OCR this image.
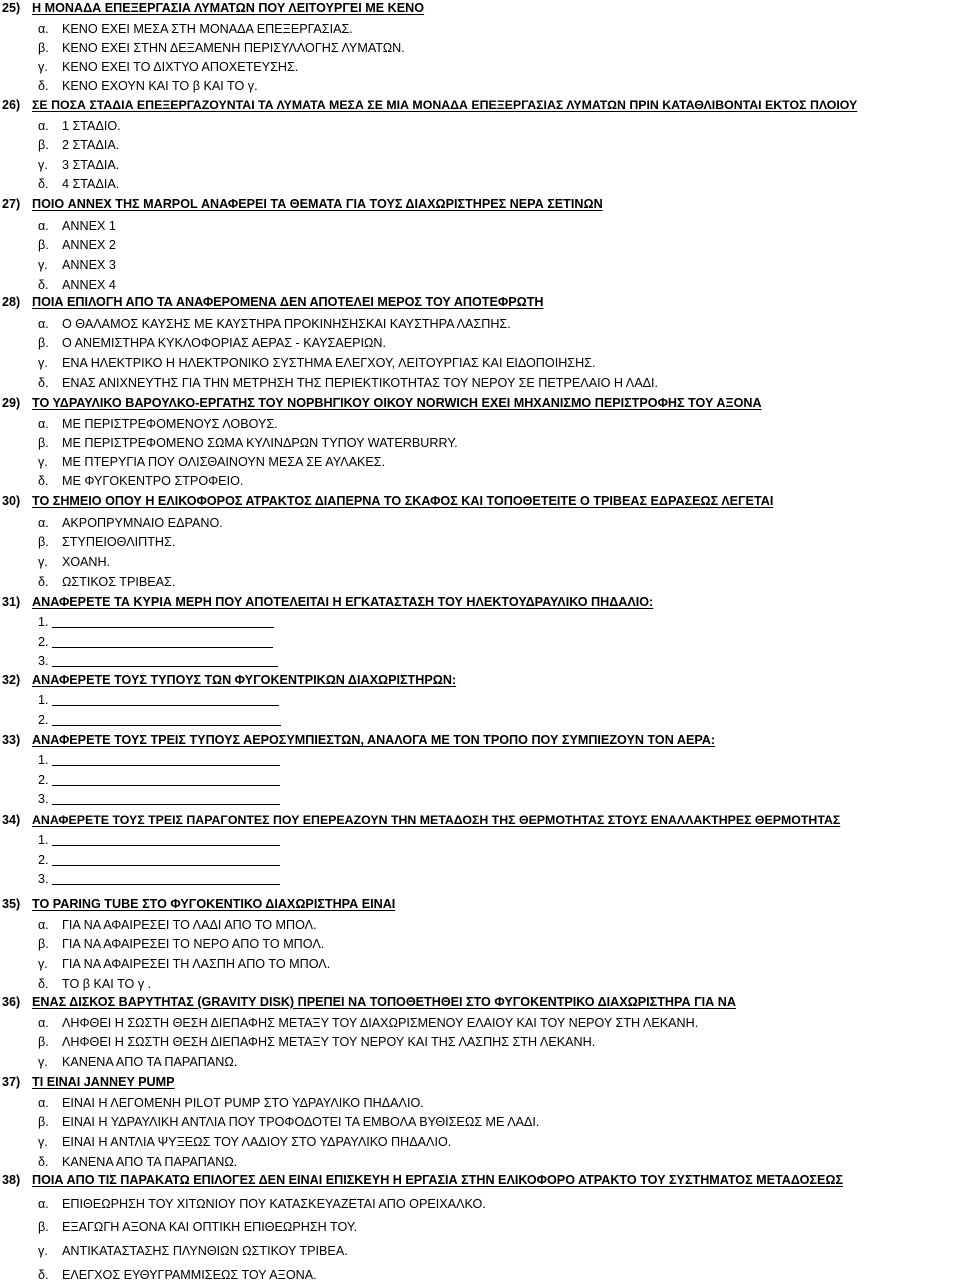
25) Η ΜΟΝΑΔΑ ΕΠΕΞΕΡΓΑΣΙΑ ΛΥΜΑΤΩΝ ΠΟΥ ΛΕΙΤΟΥΡΓΕΙ ΜΕ ΚΕΝΟ
α. ΚΕΝΟ ΕΧΕΙ ΜΕΣΑ ΣΤΗ ΜΟΝΑΔΑ ΕΠΕΞΕΡΓΑΣΙΑΣ.
β. ΚΕΝΟ ΕΧΕΙ ΣΤΗΝ ΔΕΞΑΜΕΝΗ ΠΕΡΙΣΥΛΛΟΓΗΣ ΛΥΜΑΤΩΝ.
γ. ΚΕΝΟ ΕΧΕΙ ΤΟ ΔΙΧΤΥΟ ΑΠΟΧΕΤΕΥΣΗΣ.
δ. ΚΕΝΟ ΕΧΟΥΝ ΚΑΙ ΤΟ β ΚΑΙ ΤΟ γ.
26) ΣΕ ΠΟΣΑ ΣΤΑΔΙΑ ΕΠΕΞΕΡΓΑΖΟΥΝΤΑΙ ΤΑ ΛΥΜΑΤΑ ΜΕΣΑ ΣΕ ΜΙΑ ΜΟΝΑΔΑ ΕΠΕΞΕΡΓΑΣΙΑΣ ΛΥΜΑΤΩΝ ΠΡΙΝ ΚΑΤΑΘΛΙΒΟΝΤΑΙ ΕΚΤΟΣ ΠΛΟΙΟΥ
α. 1 ΣΤΑΔΙΟ.
β. 2 ΣΤΑΔΙΑ.
γ. 3 ΣΤΑΔΙΑ.
δ. 4 ΣΤΑΔΙΑ.
27) ΠΟΙΟ ANNEX ΤΗΣ MARPOL ΑΝΑΦΕΡΕΙ ΤΑ ΘΕΜΑΤΑ ΓΙΑ ΤΟΥΣ ΔΙΑΧΩΡΙΣΤΗΡΕΣ ΝΕΡΑ ΣΕΤΙΝΩΝ
α. ANNEX 1
β. ANNEX 2
γ. ANNEX 3
δ. ANNEX 4
28) ΠΟΙΑ ΕΠΙΛΟΓΗ ΑΠΟ ΤΑ ΑΝΑΦΕΡΟΜΕΝΑ ΔΕΝ ΑΠΟΤΕΛΕΙ ΜΕΡΟΣ ΤΟΥ ΑΠΟΤΕΦΡΩΤΗ
α. Ο ΘΑΛΑΜΟΣ ΚΑΥΣΗΣ ΜΕ ΚΑΥΣΤΗΡΑ ΠΡΟΚΙΝΗΣΗΣΚΑΙ ΚΑΥΣΤΗΡΑ ΛΑΣΠΗΣ.
β. Ο ΑΝΕΜΙΣΤΗΡΑ ΚΥΚΛΟΦΟΡΙΑΣ ΑΕΡΑΣ - ΚΑΥΣΑΕΡΙΩΝ.
γ. ΕΝΑ ΗΛΕΚΤΡΙΚΟ Η ΗΛΕΚΤΡΟΝΙΚΟ ΣΥΣΤΗΜΑ ΕΛΕΓΧΟΥ, ΛΕΙΤΟΥΡΓΙΑΣ ΚΑΙ ΕΙΔΟΠΟΙΗΣΗΣ.
δ. ΕΝΑΣ ΑΝΙΧΝΕΥΤΗΣ ΓΙΑ ΤΗΝ ΜΕΤΡΗΣΗ ΤΗΣ ΠΕΡΙΕΚΤΙΚΟΤΗΤΑΣ ΤΟΥ ΝΕΡΟΥ ΣΕ ΠΕΤΡΕΛΑΙΟ Η ΛΑΔΙ.
29) ΤΟ ΥΔΡΑΥΛΙΚΟ ΒΑΡΟΥΛΚΟ-ΕΡΓΑΤΗΣ ΤΟΥ ΝΟΡΒΗΓΙΚΟΥ ΟΙΚΟΥ NORWICH ΕΧΕΙ ΜΗΧΑΝΙΣΜΟ ΠΕΡΙΣΤΡΟΦΗΣ ΤΟΥ ΑΞΟΝΑ
α. ΜΕ ΠΕΡΙΣΤΡΕΦΟΜΕΝΟΥΣ ΛΟΒΟΥΣ.
β. ΜΕ ΠΕΡΙΣΤΡΕΦΟΜΕΝΟ ΣΩΜΑ ΚΥΛΙΝΔΡΩΝ ΤΥΠΟΥ WATERBURRY.
γ. ΜΕ ΠΤΕΡΥΓΙΑ ΠΟΥ ΟΛΙΣΘΑΙΝΟΥΝ ΜΕΣΑ ΣΕ ΑΥΛΑΚΕΣ.
δ. ΜΕ ΦΥΓΟΚΕΝΤΡΟ ΣΤΡΟΦΕΙΟ.
30) ΤΟ ΣΗΜΕΙΟ ΟΠΟΥ Η ΕΛΙΚΟΦΟΡΟΣ ΑΤΡΑΚΤΟΣ ΔΙΑΠΕΡΝΑ ΤΟ ΣΚΑΦΟΣ ΚΑΙ ΤΟΠΟΘΕΤΕΙΤΕ Ο ΤΡΙΒΕΑΣ ΕΔΡΑΣΕΩΣ ΛΕΓΕΤΑΙ
α. ΑΚΡΟΠΡΥΜΝΑΙΟ ΕΔΡΑΝΟ.
β. ΣΤΥΠΕΙΟΘΛΙΠΤΗΣ.
γ. ΧΟΑΝΗ.
δ. ΩΣΤΙΚΟΣ ΤΡΙΒΕΑΣ.
31) ΑΝΑΦΕΡΕΤΕ ΤΑ ΚΥΡΙΑ ΜΕΡΗ ΠΟΥ ΑΠΟΤΕΛΕΙΤΑΙ Η ΕΓΚΑΤΑΣΤΑΣΗ ΤΟΥ ΗΛΕΚΤΟΥΔΡΑΥΛΙΚΟ ΠΗΔΑΛΙΟ:
1.
2.
3.
32) ΑΝΑΦΕΡΕΤΕ ΤΟΥΣ ΤΥΠΟΥΣ ΤΩΝ ΦΥΓΟΚΕΝΤΡΙΚΩΝ ΔΙΑΧΩΡΙΣΤΗΡΩΝ:
1.
2.
33) ΑΝΑΦΕΡΕΤΕ ΤΟΥΣ ΤΡΕΙΣ ΤΥΠΟΥΣ ΑΕΡΟΣΥΜΠΙΕΣΤΩΝ, ΑΝΑΛΟΓΑ ΜΕ ΤΟΝ ΤΡΟΠΟ ΠΟΥ ΣΥΜΠΙΕΖΟΥΝ ΤΟΝ ΑΕΡΑ:
1.
2.
3.
34) ΑΝΑΦΕΡΕΤΕ ΤΟΥΣ ΤΡΕΙΣ ΠΑΡΑΓΟΝΤΕΣ ΠΟΥ ΕΠΕΡΕΑΖΟΥΝ ΤΗΝ ΜΕΤΑΔΟΣΗ ΤΗΣ ΘΕΡΜΟΤΗΤΑΣ ΣΤΟΥΣ ΕΝΑΛΛΑΚΤΗΡΕΣ ΘΕΡΜΟΤΗΤΑΣ
1.
2.
3.
35) ΤΟ PARING TUBE ΣΤΟ ΦΥΓΟΚΕΝΤΙΚΟ ΔΙΑΧΩΡΙΣΤΗΡΑ ΕΙΝΑΙ
α. ΓΙΑ ΝΑ ΑΦΑΙΡΕΣΕΙ ΤΟ ΛΑΔΙ ΑΠΟ ΤΟ ΜΠΟΛ.
β. ΓΙΑ ΝΑ ΑΦΑΙΡΕΣΕΙ ΤΟ ΝΕΡΟ ΑΠΟ ΤΟ ΜΠΟΛ.
γ. ΓΙΑ ΝΑ ΑΦΑΙΡΕΣΕΙ ΤΗ ΛΑΣΠΗ ΑΠΟ ΤΟ ΜΠΟΛ.
δ. ΤΟ β ΚΑΙ ΤΟ γ .
36) ΕΝΑΣ ΔΙΣΚΟΣ ΒΑΡΥΤΗΤΑΣ (GRAVITY DISK) ΠΡΕΠΕΙ ΝΑ ΤΟΠΟΘΕΤΗΘΕΙ ΣΤΟ ΦΥΓΟΚΕΝΤΡΙΚΟ ΔΙΑΧΩΡΙΣΤΗΡΑ ΓΙΑ ΝΑ
α. ΛΗΦΘΕΙ Η ΣΩΣΤΗ ΘΕΣΗ ΔΙΕΠΑΦΗΣ ΜΕΤΑΞΥ ΤΟΥ ΔΙΑΧΩΡΙΣΜΕΝΟΥ ΕΛΑΙΟΥ ΚΑΙ ΤΟΥ ΝΕΡΟΥ ΣΤΗ ΛΕΚΑΝΗ.
β. ΛΗΦΘΕΙ Η ΣΩΣΤΗ ΘΕΣΗ ΔΙΕΠΑΦΗΣ ΜΕΤΑΞΥ ΤΟΥ ΝΕΡΟΥ ΚΑΙ ΤΗΣ ΛΑΣΠΗΣ ΣΤΗ ΛΕΚΑΝΗ.
γ. ΚΑΝΕΝΑ ΑΠΟ ΤΑ ΠΑΡΑΠΑΝΩ.
37) ΤΙ ΕΙΝΑΙ JANNEY PUMP
α. ΕΙΝΑΙ Η ΛΕΓΟΜΕΝΗ PILOT PUMP ΣΤΟ ΥΔΡΑΥΛΙΚΟ ΠΗΔΑΛΙΟ.
β. ΕΙΝΑΙ Η ΥΔΡΑΥΛΙΚΗ ΑΝΤΛΙΑ ΠΟΥ ΤΡΟΦΟΔΟΤΕΙ ΤΑ ΕΜΒΟΛΑ ΒΥΘΙΣΕΩΣ ΜΕ ΛΑΔΙ.
γ. ΕΙΝΑΙ Η ΑΝΤΛΙΑ ΨΥΞΕΩΣ ΤΟΥ ΛΑΔΙΟΥ ΣΤΟ ΥΔΡΑΥΛΙΚΟ ΠΗΔΑΛΙΟ.
δ. ΚΑΝΕΝΑ ΑΠΟ ΤΑ ΠΑΡΑΠΑΝΩ.
38) ΠΟΙΑ ΑΠΟ ΤΙΣ ΠΑΡΑΚΑΤΩ ΕΠΙΛΟΓΕΣ ΔΕΝ ΕΙΝΑΙ ΕΠΙΣΚΕΥΗ Η ΕΡΓΑΣΙΑ ΣΤΗΝ ΕΛΙΚΟΦΟΡΟ ΑΤΡΑΚΤΟ ΤΟΥ ΣΥΣΤΗΜΑΤΟΣ ΜΕΤΑΔΟΣΕΩΣ
α. ΕΠΙΘΕΩΡΗΣΗ ΤΟΥ ΧΙΤΩΝΙΟΥ ΠΟΥ ΚΑΤΑΣΚΕΥΑΖΕΤΑΙ ΑΠΟ ΟΡΕΙΧΑΛΚΟ.
β. ΕΞΑΓΩΓΗ ΑΞΟΝΑ ΚΑΙ ΟΠΤΙΚΗ ΕΠΙΘΕΩΡΗΣΗ ΤΟΥ.
γ. ΑΝΤΙΚΑΤΑΣΤΑΣΗΣ ΠΛΥΝΘΙΩΝ ΩΣΤΙΚΟΥ ΤΡΙΒΕΑ.
δ. ΕΛΕΓΧΟΣ ΕΥΘΥΓΡΑΜΜΙΣΕΩΣ ΤΟΥ ΑΞΟΝΑ.
